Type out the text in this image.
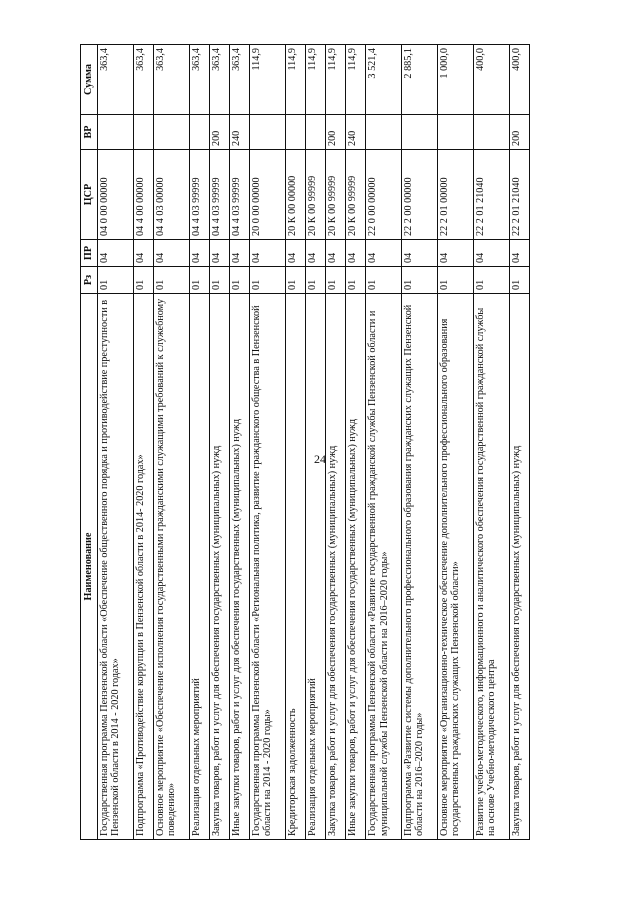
24
Наименование	Рз	ПР	ЦСР	ВР	Сумма
Государственная программа Пензенской области «Обеспечение общественного порядка и противодействие преступности в Пензенской области в 2014 - 2020 годах»	01	04	04 0 00 00000		363,4
Подпрограмма «Противодействие коррупции в Пензенской области в 2014- 2020 годах»	01	04	04 4 00 00000		363,4
Основное мероприятие «Обеспечение исполнения государственными гражданскими служащими требований к служебному поведению»	01	04	04 4 03 00000		363,4
Реализация отдельных мероприятий	01	04	04 4 03 99999		363,4
Закупка товаров, работ и услуг для обеспечения государственных (муниципальных) нужд	01	04	04 4 03 99999	200	363,4
Иные закупки товаров, работ и услуг для обеспечения государственных (муниципальных) нужд	01	04	04 4 03 99999	240	363,4
Государственная программа Пензенской области «Региональная политика, развитие гражданского общества в Пензенской области на 2014 - 2020 годы»	01	04	20 0 00 00000		114,9
Кредиторская задолженность	01	04	20 К 00 00000		114,9
Реализация отдельных мероприятий	01	04	20 К 00 99999		114,9
Закупка товаров, работ и услуг для обеспечения государственных (муниципальных) нужд	01	04	20 К 00 99999	200	114,9
Иные закупки товаров, работ и услуг для обеспечения государственных (муниципальных) нужд	01	04	20 К 00 99999	240	114,9
Государственная программа Пензенской области «Развитие государственной гражданской службы Пензенской области и муниципальной службы Пензенской области на 2016–2020 годы»	01	04	22 0 00 00000		3 521,4
Подпрограмма «Развитие системы дополнительного профессионального образования гражданских служащих Пензенской области на 2016–2020 годы»	01	04	22 2 00 00000		2 885,1
Основное мероприятие «Организационно-техническое обеспечение дополнительного профессионального образования государственных гражданских служащих Пензенской области»	01	04	22 2 01 00000		1 000,0
Развитие учебно-методического, информационного и аналитического обеспечения государственной гражданской службы на основе Учебно-методического центра	01	04	22 2 01 21040		400,0
Закупка товаров, работ и услуг для обеспечения государственных (муниципальных) нужд	01	04	22 2 01 21040	200	400,0
